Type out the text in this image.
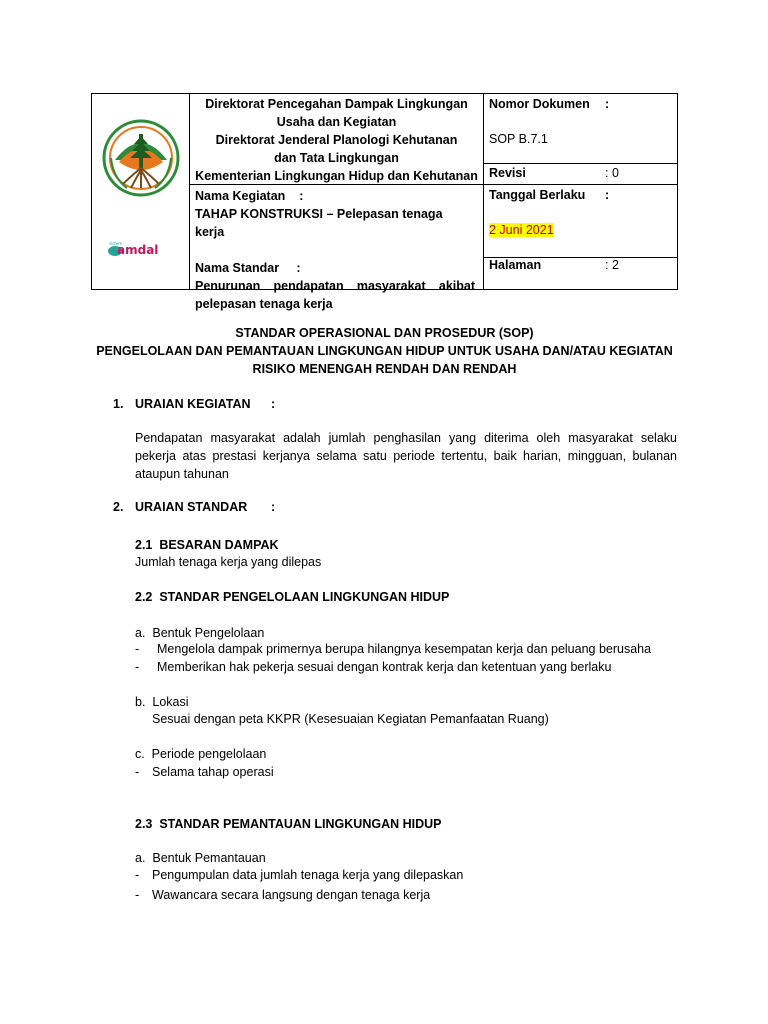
sistem
amdal
Direktorat Pencegahan Dampak Lingkungan
Usaha dan Kegiatan
Direktorat Jenderal Planologi Kehutanan
dan Tata Lingkungan
Kementerian Lingkungan Hidup dan Kehutanan
Nama Kegiatan    :
TAHAP KONSTRUKSI – Pelepasan tenaga kerja
Nama Standar     :
Penurunan pendapatan masyarakat akibat
pelepasan tenaga kerja
Nomor Dokumen :
SOP B.7.1
Revisi	: 0
Tanggal Berlaku :
2 Juni 2021
Halaman	: 2
STANDAR OPERASIONAL DAN PROSEDUR (SOP)
PENGELOLAAN DAN PEMANTAUAN LINGKUNGAN HIDUP UNTUK USAHA DAN/ATAU KEGIATAN
RISIKO MENENGAH RENDAH DAN RENDAH
1. URAIAN KEGIATAN :
Pendapatan masyarakat adalah jumlah penghasilan yang diterima oleh masyarakat selaku
pekerja atas prestasi kerjanya selama satu periode tertentu, baik harian, mingguan, bulanan
ataupun tahunan
2. URAIAN STANDAR :
2.1  BESARAN DAMPAK
Jumlah tenaga kerja yang dilepas
2.2  STANDAR PENGELOLAAN LINGKUNGAN HIDUP
a.  Bentuk Pengelolaan
- Mengelola dampak primernya berupa hilangnya kesempatan kerja dan peluang berusaha
- Memberikan hak pekerja sesuai dengan kontrak kerja dan ketentuan yang berlaku
b.  Lokasi
Sesuai dengan peta KKPR (Kesesuaian Kegiatan Pemanfaatan Ruang)
c.  Periode pengelolaan
- Selama tahap operasi
2.3  STANDAR PEMANTAUAN LINGKUNGAN HIDUP
a.  Bentuk Pemantauan
- Pengumpulan data jumlah tenaga kerja yang dilepaskan
- Wawancara secara langsung dengan tenaga kerja
